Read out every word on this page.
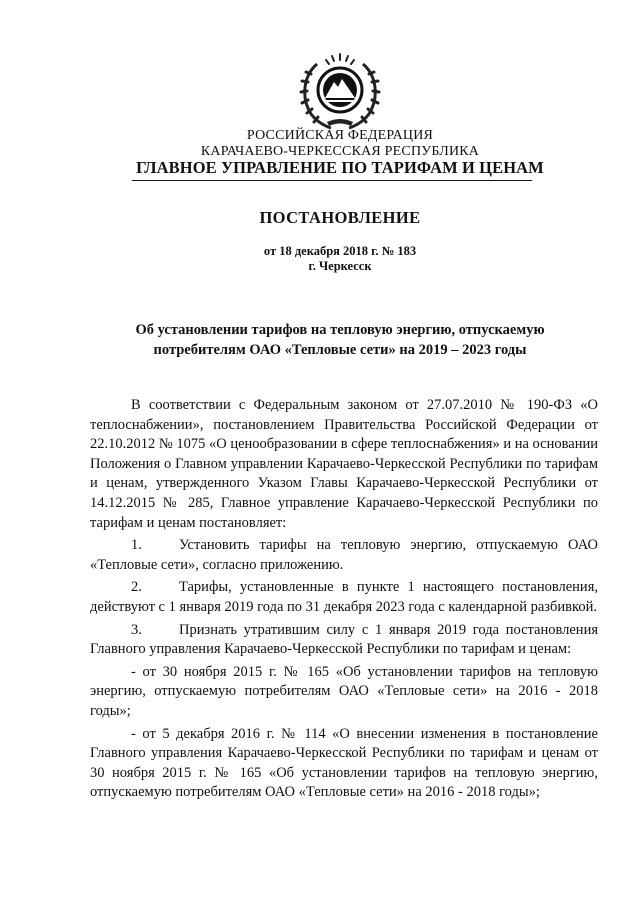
РОССИЙСКАЯ ФЕДЕРАЦИЯ
КАРАЧАЕВО-ЧЕРКЕССКАЯ РЕСПУБЛИКА
ГЛАВНОЕ УПРАВЛЕНИЕ ПО ТАРИФАМ И ЦЕНАМ
ПОСТАНОВЛЕНИЕ
от 18 декабря 2018 г. № 183
г. Черкесск
Об установлении тарифов на тепловую энергию, отпускаемую
потребителям ОАО «Тепловые сети» на 2019 – 2023 годы

В соответствии с Федеральным законом от 27.07.2010 № 190-ФЗ «О теплоснабжении», постановлением Правительства Российской Федерации от 22.10.2012 № 1075 «О ценообразовании в сфере теплоснабжения» и на основании Положения о Главном управлении Карачаево-Черкесской Республики по тарифам и ценам, утвержденного Указом Главы Карачаево-Черкесской Республики от 14.12.2015 № 285, Главное управление Карачаево-Черкесской Республики по тарифам и ценам постановляет:

1.	Установить тарифы на тепловую энергию, отпускаемую ОАО «Тепловые сети», согласно приложению.

2.	Тарифы, установленные в пункте 1 настоящего постановления, действуют с 1 января 2019 года по 31 декабря 2023 года с календарной разбивкой.

3.	Признать утратившим силу с 1 января 2019 года постановления Главного управления Карачаево-Черкесской Республики по тарифам и ценам:

- от 30 ноября 2015 г. № 165 «Об установлении тарифов на тепловую энергию, отпускаемую потребителям ОАО «Тепловые сети» на 2016 - 2018 годы»;

- от 5 декабря 2016 г. № 114 «О внесении изменения в постановление Главного управления Карачаево-Черкесской Республики по тарифам и ценам от 30 ноября 2015 г. № 165 «Об установлении тарифов на тепловую энергию, отпускаемую потребителям ОАО «Тепловые сети» на 2016 - 2018 годы»;
